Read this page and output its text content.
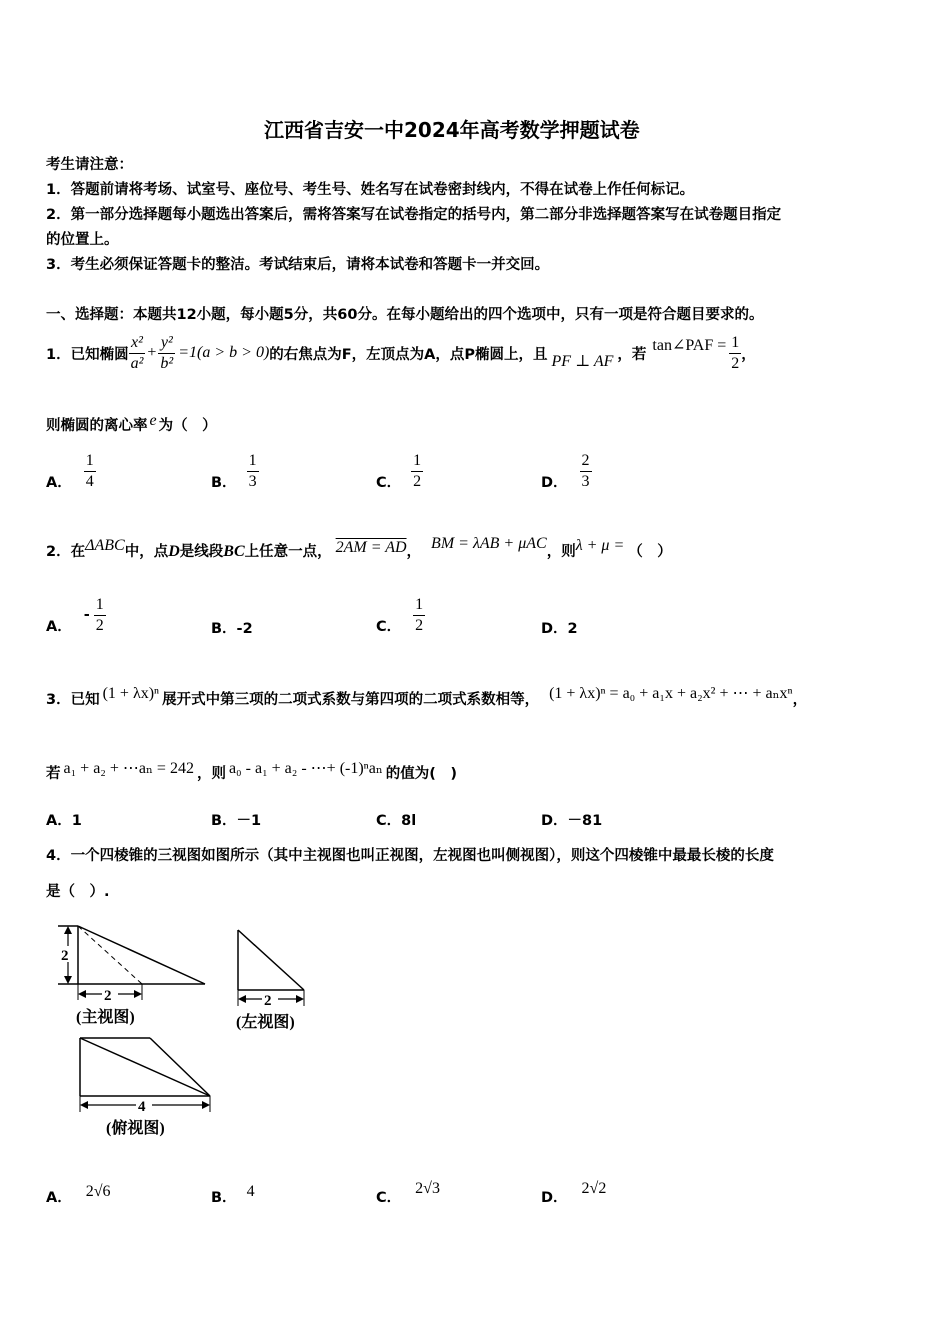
江西省吉安一中2024年高考数学押题试卷
考生请注意：
1．答题前请将考场、试室号、座位号、考生号、姓名写在试卷密封线内，不得在试卷上作任何标记。
2．第一部分选择题每小题选出答案后，需将答案写在试卷指定的括号内，第二部分非选择题答案写在试卷题目指定
的位置上。
3．考生必须保证答题卡的整洁。考试结束后，请将本试卷和答题卡一并交回。
一、选择题：本题共12小题，每小题5分，共60分。在每小题给出的四个选项中，只有一项是符合题目要求的。
1．已知椭圆 $\frac{\text{x²}}{\text{a²}} + \frac{\text{y²}}{\text{b²}} =1(a > b > 0)$ 的右焦点为F，左顶点为A，点P椭圆上，且 PF ⊥ AF ，若
tan∠PAF = $\frac{1}{2}$ ，
则椭圆的离心率 e 为（　）
A． $\frac{1}{4}$	B． $\frac{1}{3}$	C． $\frac{1}{2}$	D． $\frac{2}{3}$
2．在ΔABC中，点D是线段BC上任意一点， 2AM = AD， BM = λAB + μAC，则λ + μ = （　）
A．
- $\frac{1}{2}$	B．-2	C． $\frac{1}{2}$	D．2
3．已知 (1 + λx)ⁿ 展开式中第三项的二项式系数与第四项的二项式系数相等， (1 + λx)ⁿ = a₀ + a₁x + a₂x² + ⋯ + aₙxⁿ，
若 a₁ + a₂ + ⋯aₙ = 242 ，则 a₀ - a₁ + a₂ - ⋯+ (-1)ⁿaₙ 的值为(　)
A．1	B．－1	C．8l	D．－81
4．一个四棱锥的三视图如图所示（其中主视图也叫正视图，左视图也叫侧视图），则这个四棱锥中最最长棱的长度
是（　）.
2
2
(主视图)
2
(左视图)
4
(俯视图)
A． 2√6	B． 4	C．2√3
D．2√2
